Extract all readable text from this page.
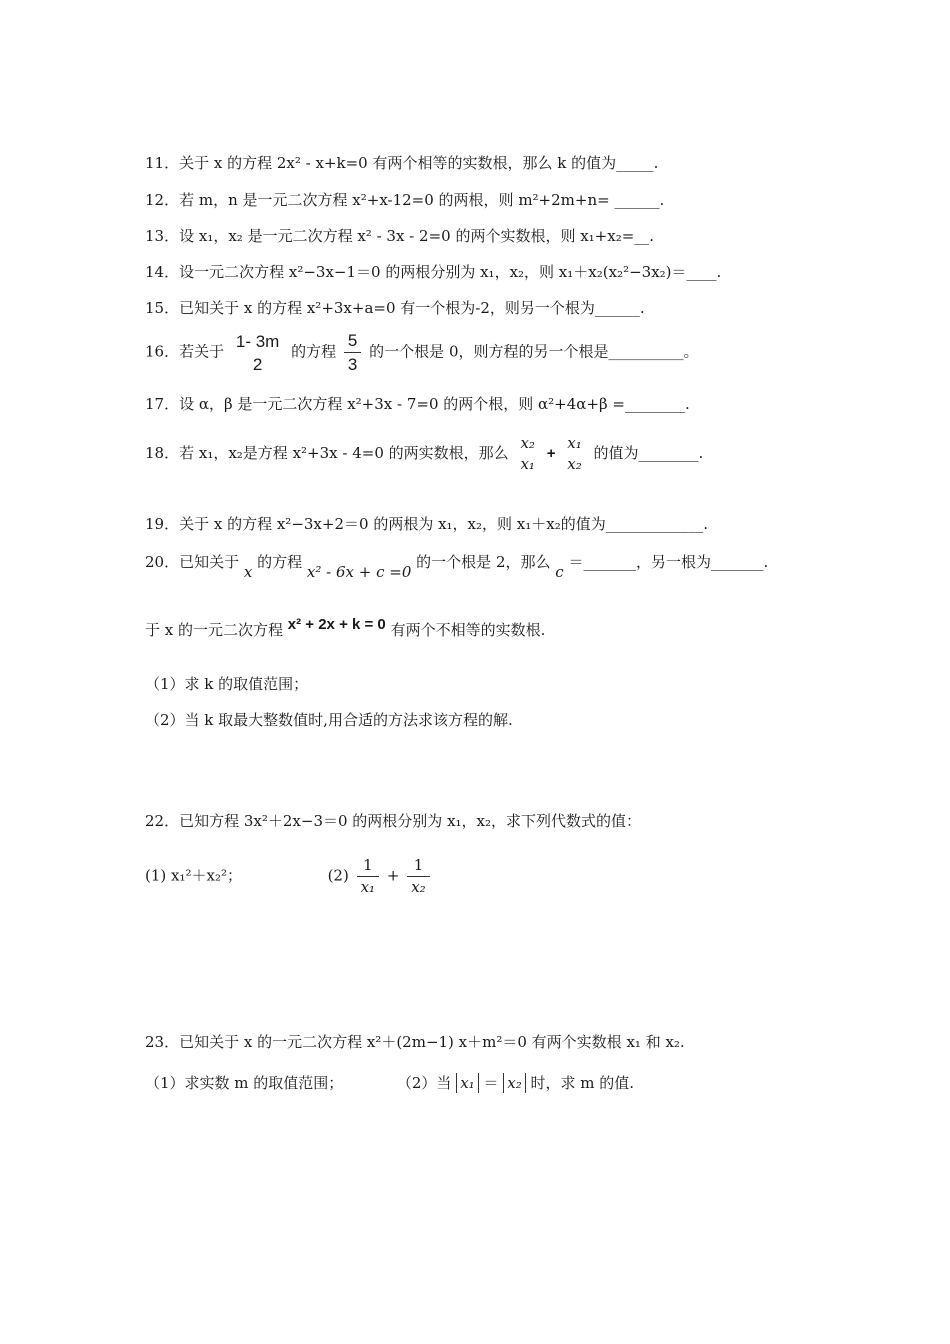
11．关于 x 的方程 2x² - x+k=0 有两个相等的实数根，那么 k 的值为_____.
12．若 m，n 是一元二次方程 x²+x-12=0 的两根，则 m²+2m+n= ______.
13．设 x₁，x₂ 是一元二次方程 x² - 3x - 2=0 的两个实数根，则 x₁+x₂=__.
14．设一元二次方程 x²−3x−1＝0 的两根分别为 x₁，x₂，则 x₁＋x₂(x₂²−3x₂)＝____.
15．已知关于 x 的方程 x²+3x+a=0 有一个根为-2，则另一个根为______.
16．若关于
1- 3m
2
的方程 $\frac{5}{3}$ 的一个根是 0，则方程的另一个根是__________。
17．设 α，β 是一元二次方程 x²+3x - 7=0 的两个根，则 α²+4α+β =________.
18．若 x₁，x₂是方程 x²+3x - 4=0 的两实数根，那么
x₂
x₁
+
x₁
x₂
的值为________.
19．关于 x 的方程 x²−3x+2＝0 的两根为 x₁，x₂，则 x₁＋x₂的值为_____________.
20．已知关于 x 的方程 x² - 6x + c =0 的一个根是 2，那么 c ＝_______，另一根为_______.
于 x 的一元二次方程 x² + 2x + k = 0 有两个不相等的实数根.
（1）求 k 的取值范围；
（2）当 k 取最大整数值时,用合适的方法求该方程的解.
22．已知方程 3x²＋2x−3＝0 的两根分别为 x₁，x₂，求下列代数式的值：
(1) x₁²＋x₂²；	$(2) \frac{1}{\text{x₁}} + \frac{1}{\text{x₂}}$
23．已知关于 x 的一元二次方程 x²＋(2m−1) x＋m²＝0 有两个实数根 x₁ 和 x₂.
（1）求实数 m 的取值范围；	（2）当 x₁ ＝ x₂ 时，求 m 的值.
